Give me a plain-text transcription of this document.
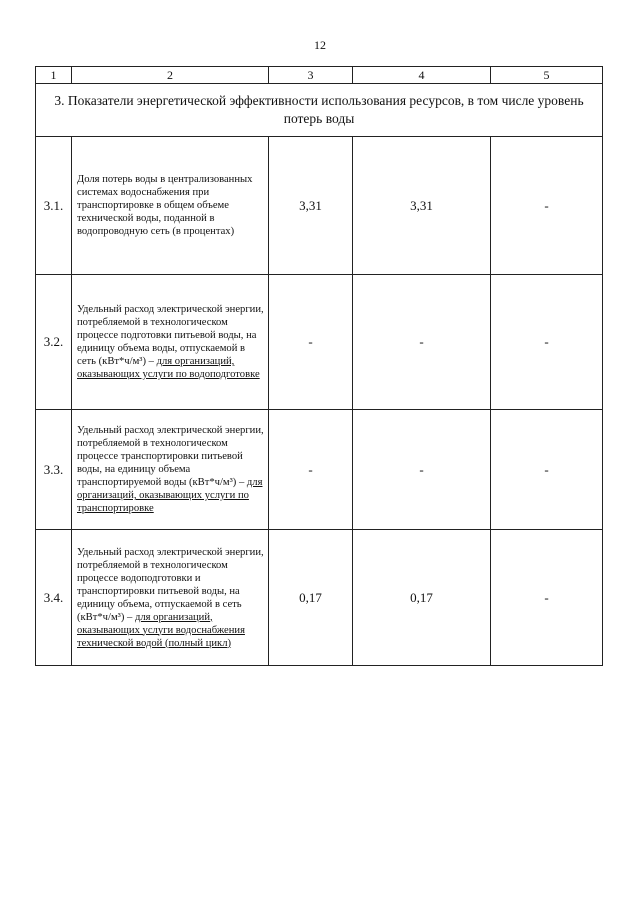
12
1	2	3	4	5
3. Показатели энергетической эффективности использования ресурсов, в том числе уровень потерь воды				
3.1.	Доля потерь воды в централизованных системах водоснабжения при транспортировке в общем объеме технической воды, поданной в водопроводную сеть (в процентах)	3,31	3,31	-
3.2.	Удельный расход электрической энергии, потребляемой в технологическом процессе подготовки питьевой воды, на единицу объема воды, отпускаемой в сеть (кВт*ч/м³) – для организаций, оказывающих услуги по водоподготовке	-	-	-
3.3.	Удельный расход электрической энергии, потребляемой в технологическом процессе транспортировки питьевой воды, на единицу объема транспортируемой воды (кВт*ч/м³) – для организаций, оказывающих услуги по транспортировке	-	-	-
3.4.	Удельный расход электрической энергии, потребляемой в технологическом процессе водоподготовки и транспортировки питьевой воды, на единицу объема, отпускаемой в сеть (кВт*ч/м³) – для организаций, оказывающих услуги водоснабжения технической водой (полный цикл)	0,17	0,17	-
